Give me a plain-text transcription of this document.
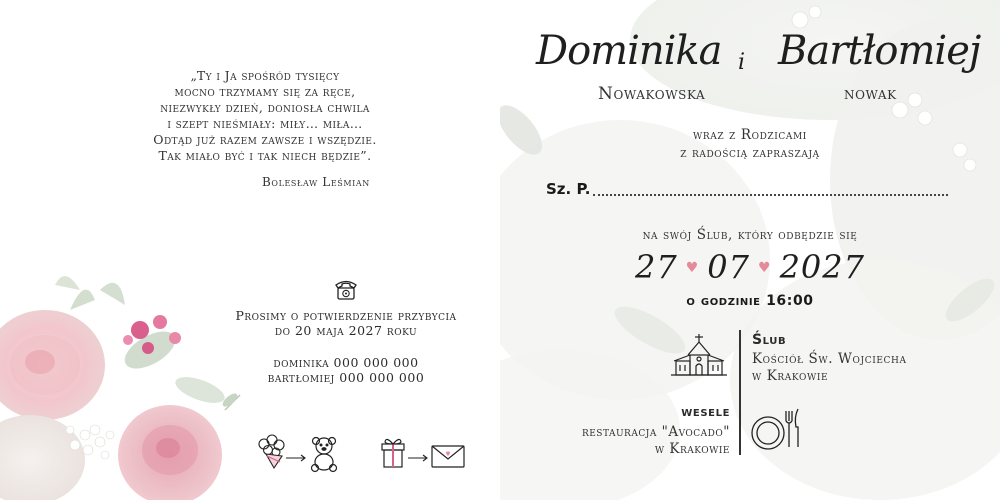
„Ty i Ja spośród tysięcy
mocno trzymamy się za ręce,
niezwykły dzień, doniosła chwila
i szept nieśmiały: miły… miła…
Odtąd już razem zawsze i wszędzie.
Tak miało być i tak niech będzie”.
Bolesław Leśmian
Prosimy o potwierdzenie przybycia
do 20 maja 2027 roku
dominika 000 000 000
bartłomiej 000 000 000
Dominika i Bartłomiej
Nowakowska	nowak
wraz z Rodzicami
z radością zapraszają
Sz. P.
na swój Ślub, który odbędzie się
27 ♥ 07 ♥ 2027
o godzinie 16:00
Ślub
Kościół Św. Wojciecha
w Krakowie
wesele
restauracja "Avocado"
w Krakowie
